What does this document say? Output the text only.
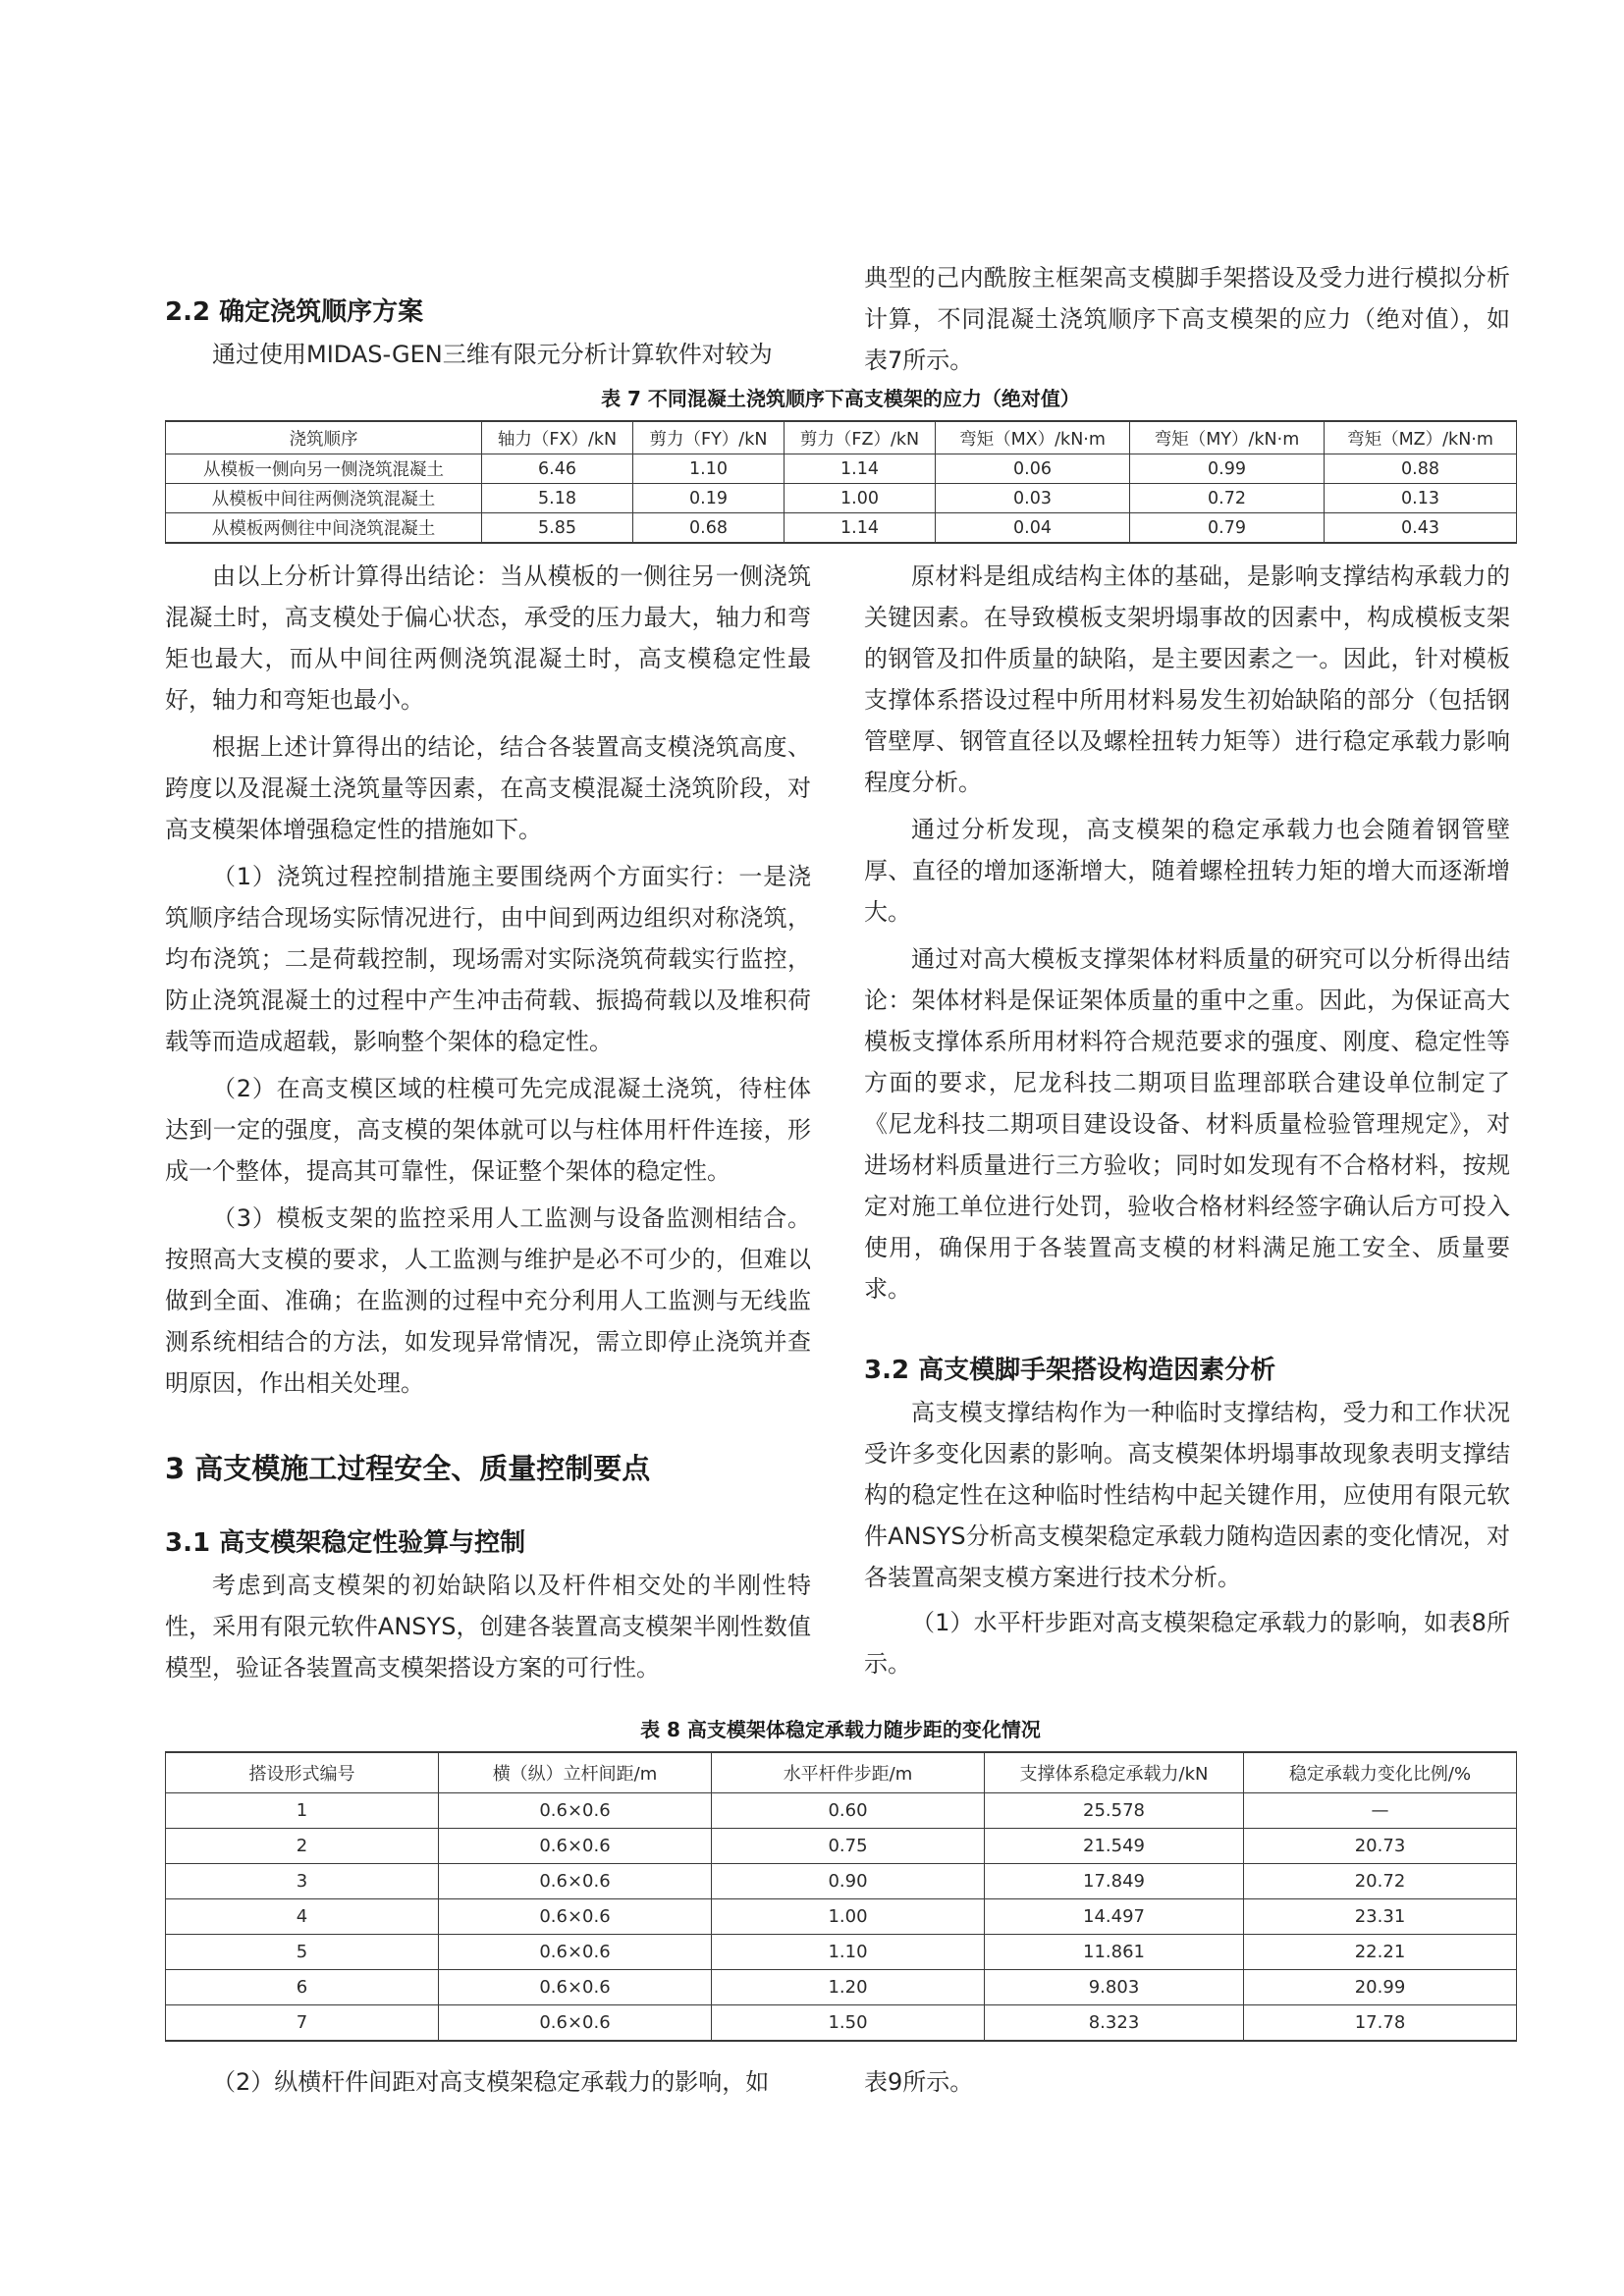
2.2 确定浇筑顺序方案

通过使用MIDAS-GEN三维有限元分析计算软件对较为

典型的己内酰胺主框架高支模脚手架搭设及受力进行模拟分析计算，不同混凝土浇筑顺序下高支模架的应力（绝对值），如表7所示。

表 7 不同混凝土浇筑顺序下高支模架的应力（绝对值）
浇筑顺序	轴力（FX）/kN	剪力（FY）/kN	剪力（FZ）/kN	弯矩（MX）/kN·m	弯矩（MY）/kN·m	弯矩（MZ）/kN·m
从模板一侧向另一侧浇筑混凝土	6.46	1.10	1.14	0.06	0.99	0.88
从模板中间往两侧浇筑混凝土	5.18	0.19	1.00	0.03	0.72	0.13
从模板两侧往中间浇筑混凝土	5.85	0.68	1.14	0.04	0.79	0.43

由以上分析计算得出结论：当从模板的一侧往另一侧浇筑混凝土时，高支模处于偏心状态，承受的压力最大，轴力和弯矩也最大，而从中间往两侧浇筑混凝土时，高支模稳定性最好，轴力和弯矩也最小。

根据上述计算得出的结论，结合各装置高支模浇筑高度、跨度以及混凝土浇筑量等因素，在高支模混凝土浇筑阶段，对高支模架体增强稳定性的措施如下。

（1）浇筑过程控制措施主要围绕两个方面实行：一是浇筑顺序结合现场实际情况进行，由中间到两边组织对称浇筑，均布浇筑；二是荷载控制，现场需对实际浇筑荷载实行监控，防止浇筑混凝土的过程中产生冲击荷载、振捣荷载以及堆积荷载等而造成超载，影响整个架体的稳定性。

（2）在高支模区域的柱模可先完成混凝土浇筑，待柱体达到一定的强度，高支模的架体就可以与柱体用杆件连接，形成一个整体，提高其可靠性，保证整个架体的稳定性。

（3）模板支架的监控采用人工监测与设备监测相结合。按照高大支模的要求，人工监测与维护是必不可少的，但难以做到全面、准确；在监测的过程中充分利用人工监测与无线监测系统相结合的方法，如发现异常情况，需立即停止浇筑并查明原因，作出相关处理。

3 高支模施工过程安全、质量控制要点
3.1 高支模架稳定性验算与控制

考虑到高支模架的初始缺陷以及杆件相交处的半刚性特性，采用有限元软件ANSYS，创建各装置高支模架半刚性数值模型，验证各装置高支模架搭设方案的可行性。

原材料是组成结构主体的基础，是影响支撑结构承载力的关键因素。在导致模板支架坍塌事故的因素中，构成模板支架的钢管及扣件质量的缺陷，是主要因素之一。因此，针对模板支撑体系搭设过程中所用材料易发生初始缺陷的部分（包括钢管壁厚、钢管直径以及螺栓扭转力矩等）进行稳定承载力影响程度分析。

通过分析发现，高支模架的稳定承载力也会随着钢管壁厚、直径的增加逐渐增大，随着螺栓扭转力矩的增大而逐渐增大。

通过对高大模板支撑架体材料质量的研究可以分析得出结论：架体材料是保证架体质量的重中之重。因此，为保证高大模板支撑体系所用材料符合规范要求的强度、刚度、稳定性等方面的要求，尼龙科技二期项目监理部联合建设单位制定了《尼龙科技二期项目建设设备、材料质量检验管理规定》，对进场材料质量进行三方验收；同时如发现有不合格材料，按规定对施工单位进行处罚，验收合格材料经签字确认后方可投入使用，确保用于各装置高支模的材料满足施工安全、质量要求。

3.2 高支模脚手架搭设构造因素分析

高支模支撑结构作为一种临时支撑结构，受力和工作状况受许多变化因素的影响。高支模架体坍塌事故现象表明支撑结构的稳定性在这种临时性结构中起关键作用，应使用有限元软件ANSYS分析高支模架稳定承载力随构造因素的变化情况，对各装置高架支模方案进行技术分析。

（1）水平杆步距对高支模架稳定承载力的影响，如表8所示。

表 8 高支模架体稳定承载力随步距的变化情况
搭设形式编号	横（纵）立杆间距/m	水平杆件步距/m	支撑体系稳定承载力/kN	稳定承载力变化比例/%
1	0.6×0.6	0.60	25.578	—
2	0.6×0.6	0.75	21.549	20.73
3	0.6×0.6	0.90	17.849	20.72
4	0.6×0.6	1.00	14.497	23.31
5	0.6×0.6	1.10	11.861	22.21
6	0.6×0.6	1.20	9.803	20.99
7	0.6×0.6	1.50	8.323	17.78

（2）纵横杆件间距对高支模架稳定承载力的影响，如	表9所示。
